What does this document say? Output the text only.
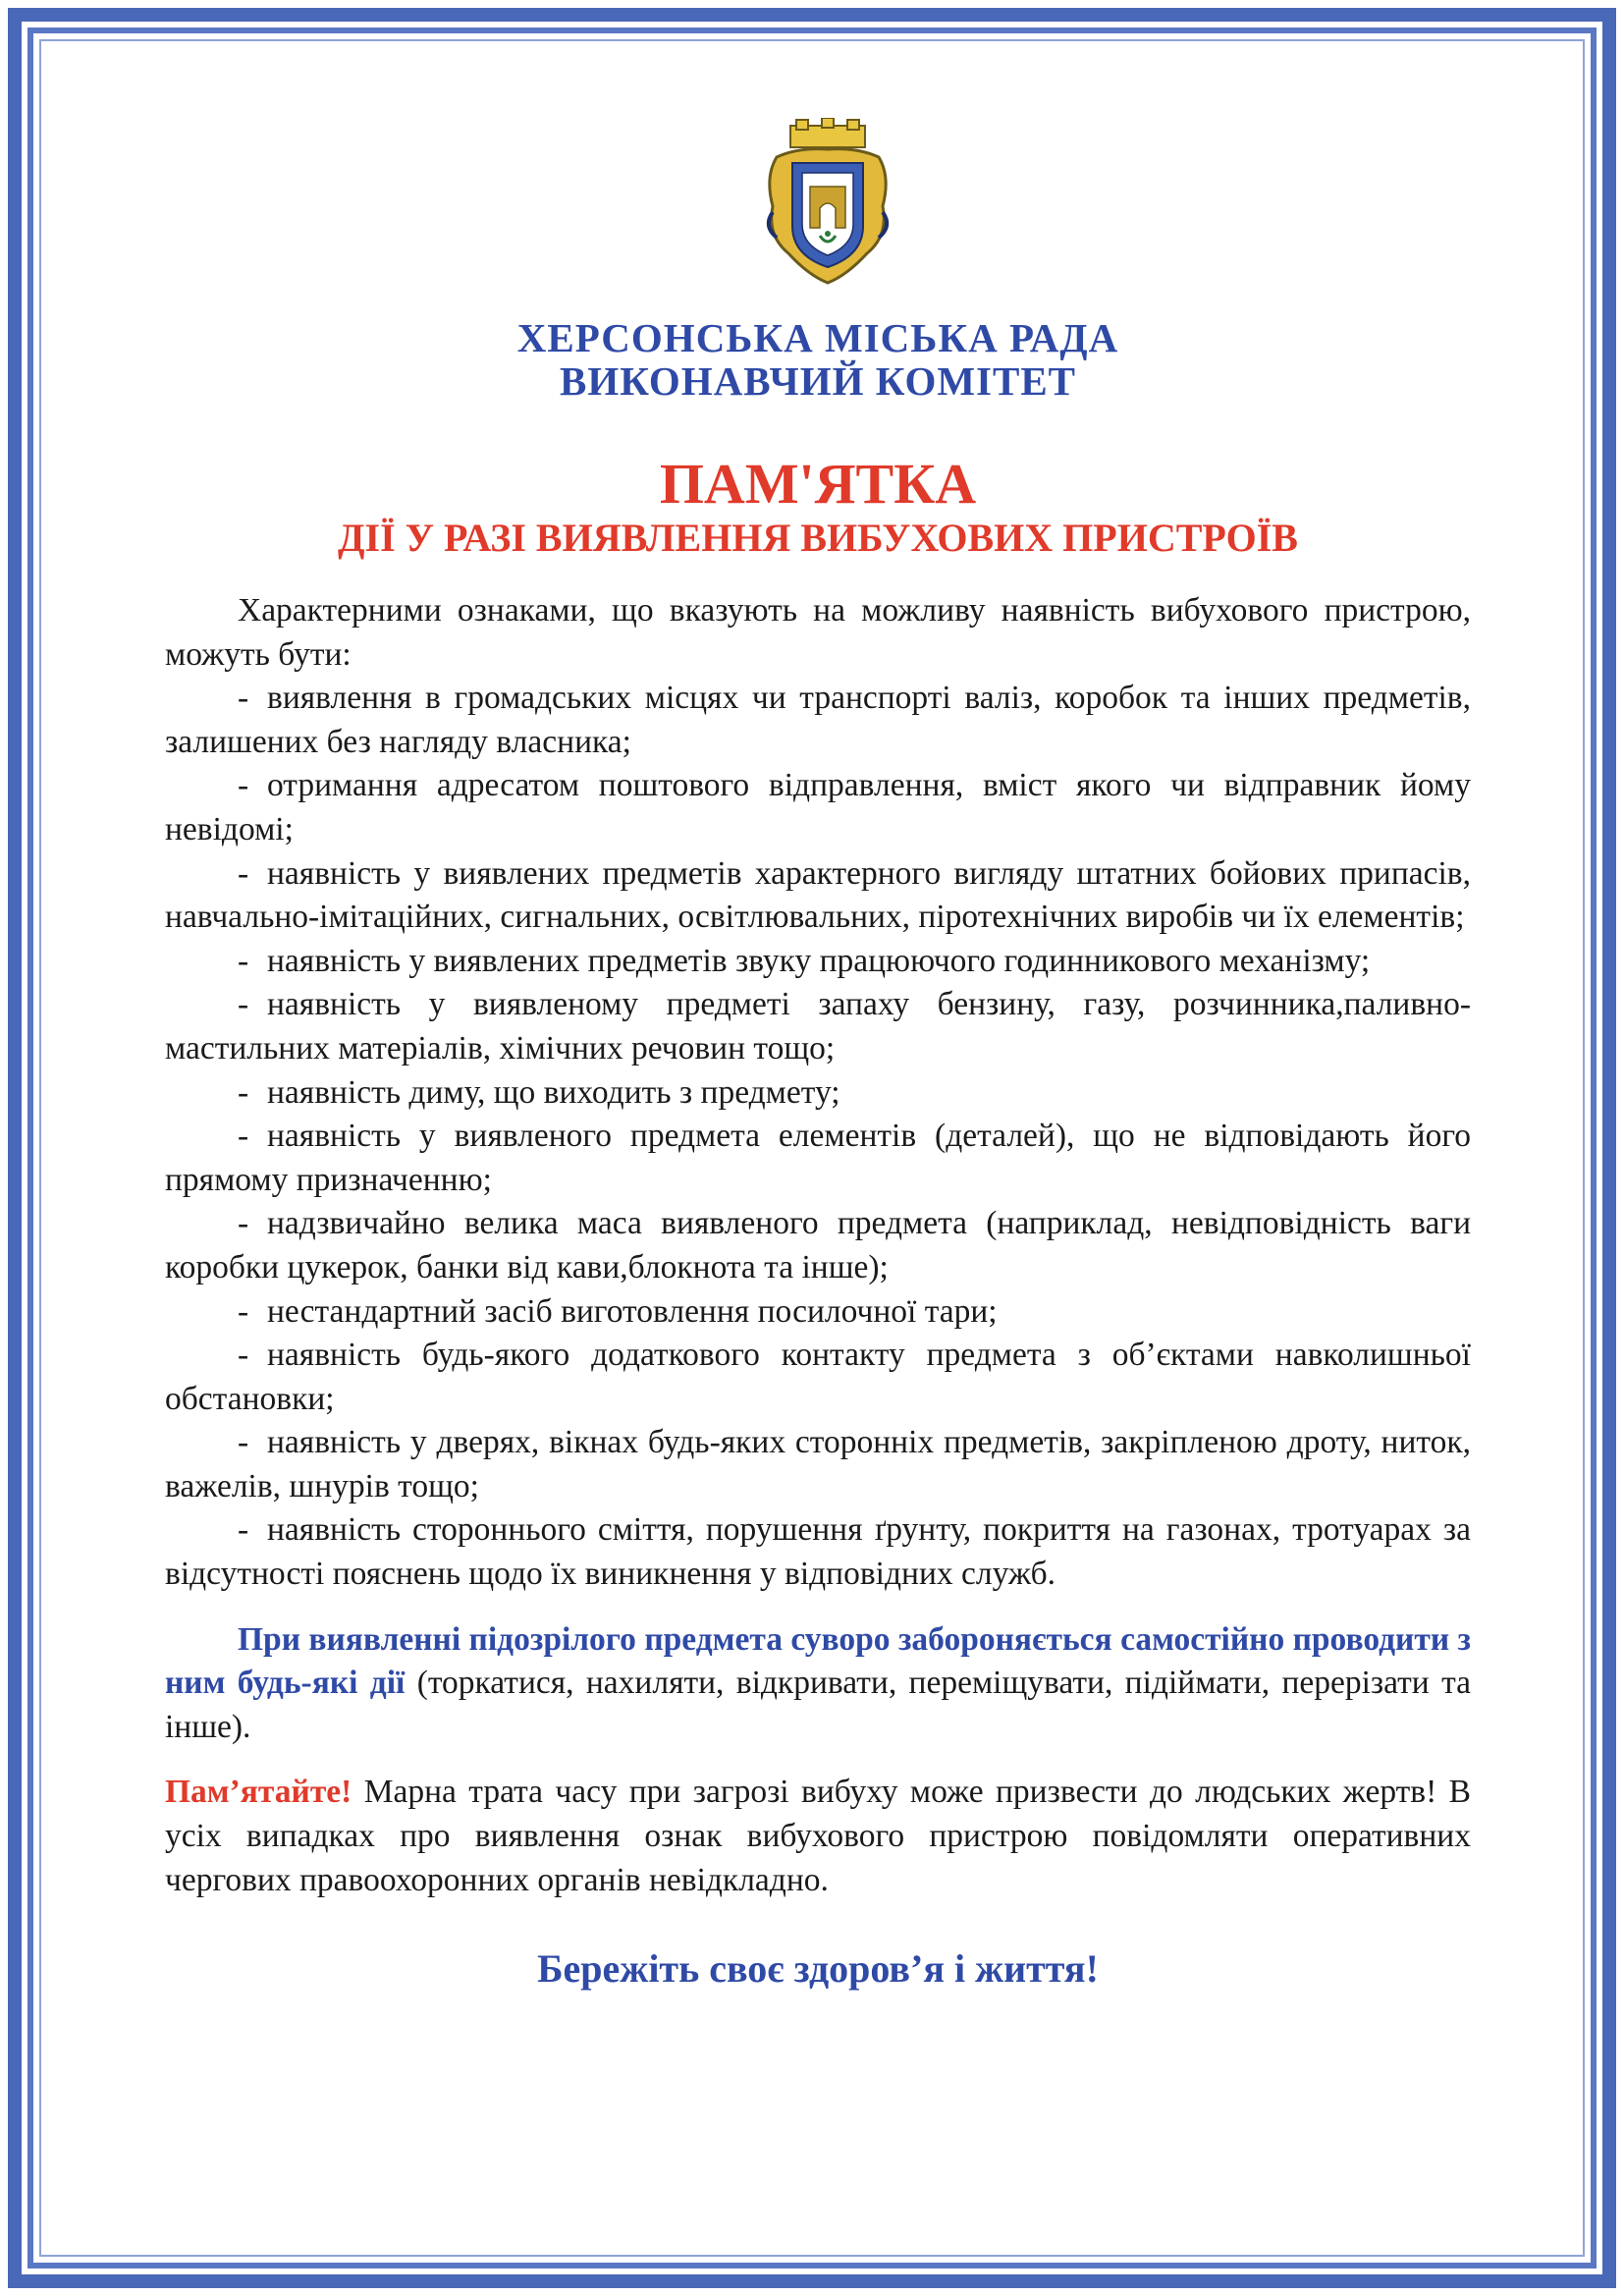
ХЕРСОНСЬКА МІСЬКА РАДА
ВИКОНАВЧИЙ КОМІТЕТ
ПАМ'ЯТКА
ДІЇ У РАЗІ ВИЯВЛЕННЯ ВИБУХОВИХ ПРИСТРОЇВ

Характерними ознаками, що вказують на можливу наявність вибухового пристрою, можуть бути:

- виявлення в громадських місцях чи транспорті валіз, коробок та інших предметів, залишених без нагляду власника;
- отримання адресатом поштового відправлення, вміст якого чи відправник йому невідомі;
- наявність у виявлених предметів характерного вигляду штатних бойових припасів, навчально-імітаційних, сигнальних, освітлювальних, піротехнічних виробів чи їх елементів;
- наявність у виявлених предметів звуку працюючого годинникового механізму;
- наявність у виявленому предметі запаху бензину, газу, розчинника,паливно-мастильних матеріалів, хімічних речовин тощо;
- наявність диму, що виходить з предмету;
- наявність у виявленого предмета елементів (деталей), що не відповідають його прямому призначенню;
- надзвичайно велика маса виявленого предмета (наприклад, невідповідність ваги коробки цукерок, банки від кави,блокнота та інше);
- нестандартний засіб виготовлення посилочної тари;
- наявність будь-якого додаткового контакту предмета з об’єктами навколишньої обстановки;
- наявність у дверях, вікнах будь-яких сторонніх предметів, закріпленою дроту, ниток, важелів, шнурів тощо;
- наявність стороннього сміття, порушення ґрунту, покриття на газонах, тротуарах за відсутності пояснень щодо їх виникнення у відповідних служб.
При виявленні підозрілого предмета суворо забороняється самостійно проводити з ним будь-які дії (торкатися, нахиляти, відкривати, переміщувати, підіймати, перерізати та інше).
Пам’ятайте! Марна трата часу при загрозі вибуху може призвести до людських жертв! В усіх випадках про виявлення ознак вибухового пристрою повідомляти оперативних чергових правоохоронних органів невідкладно.
Бережіть своє здоров’я і життя!
